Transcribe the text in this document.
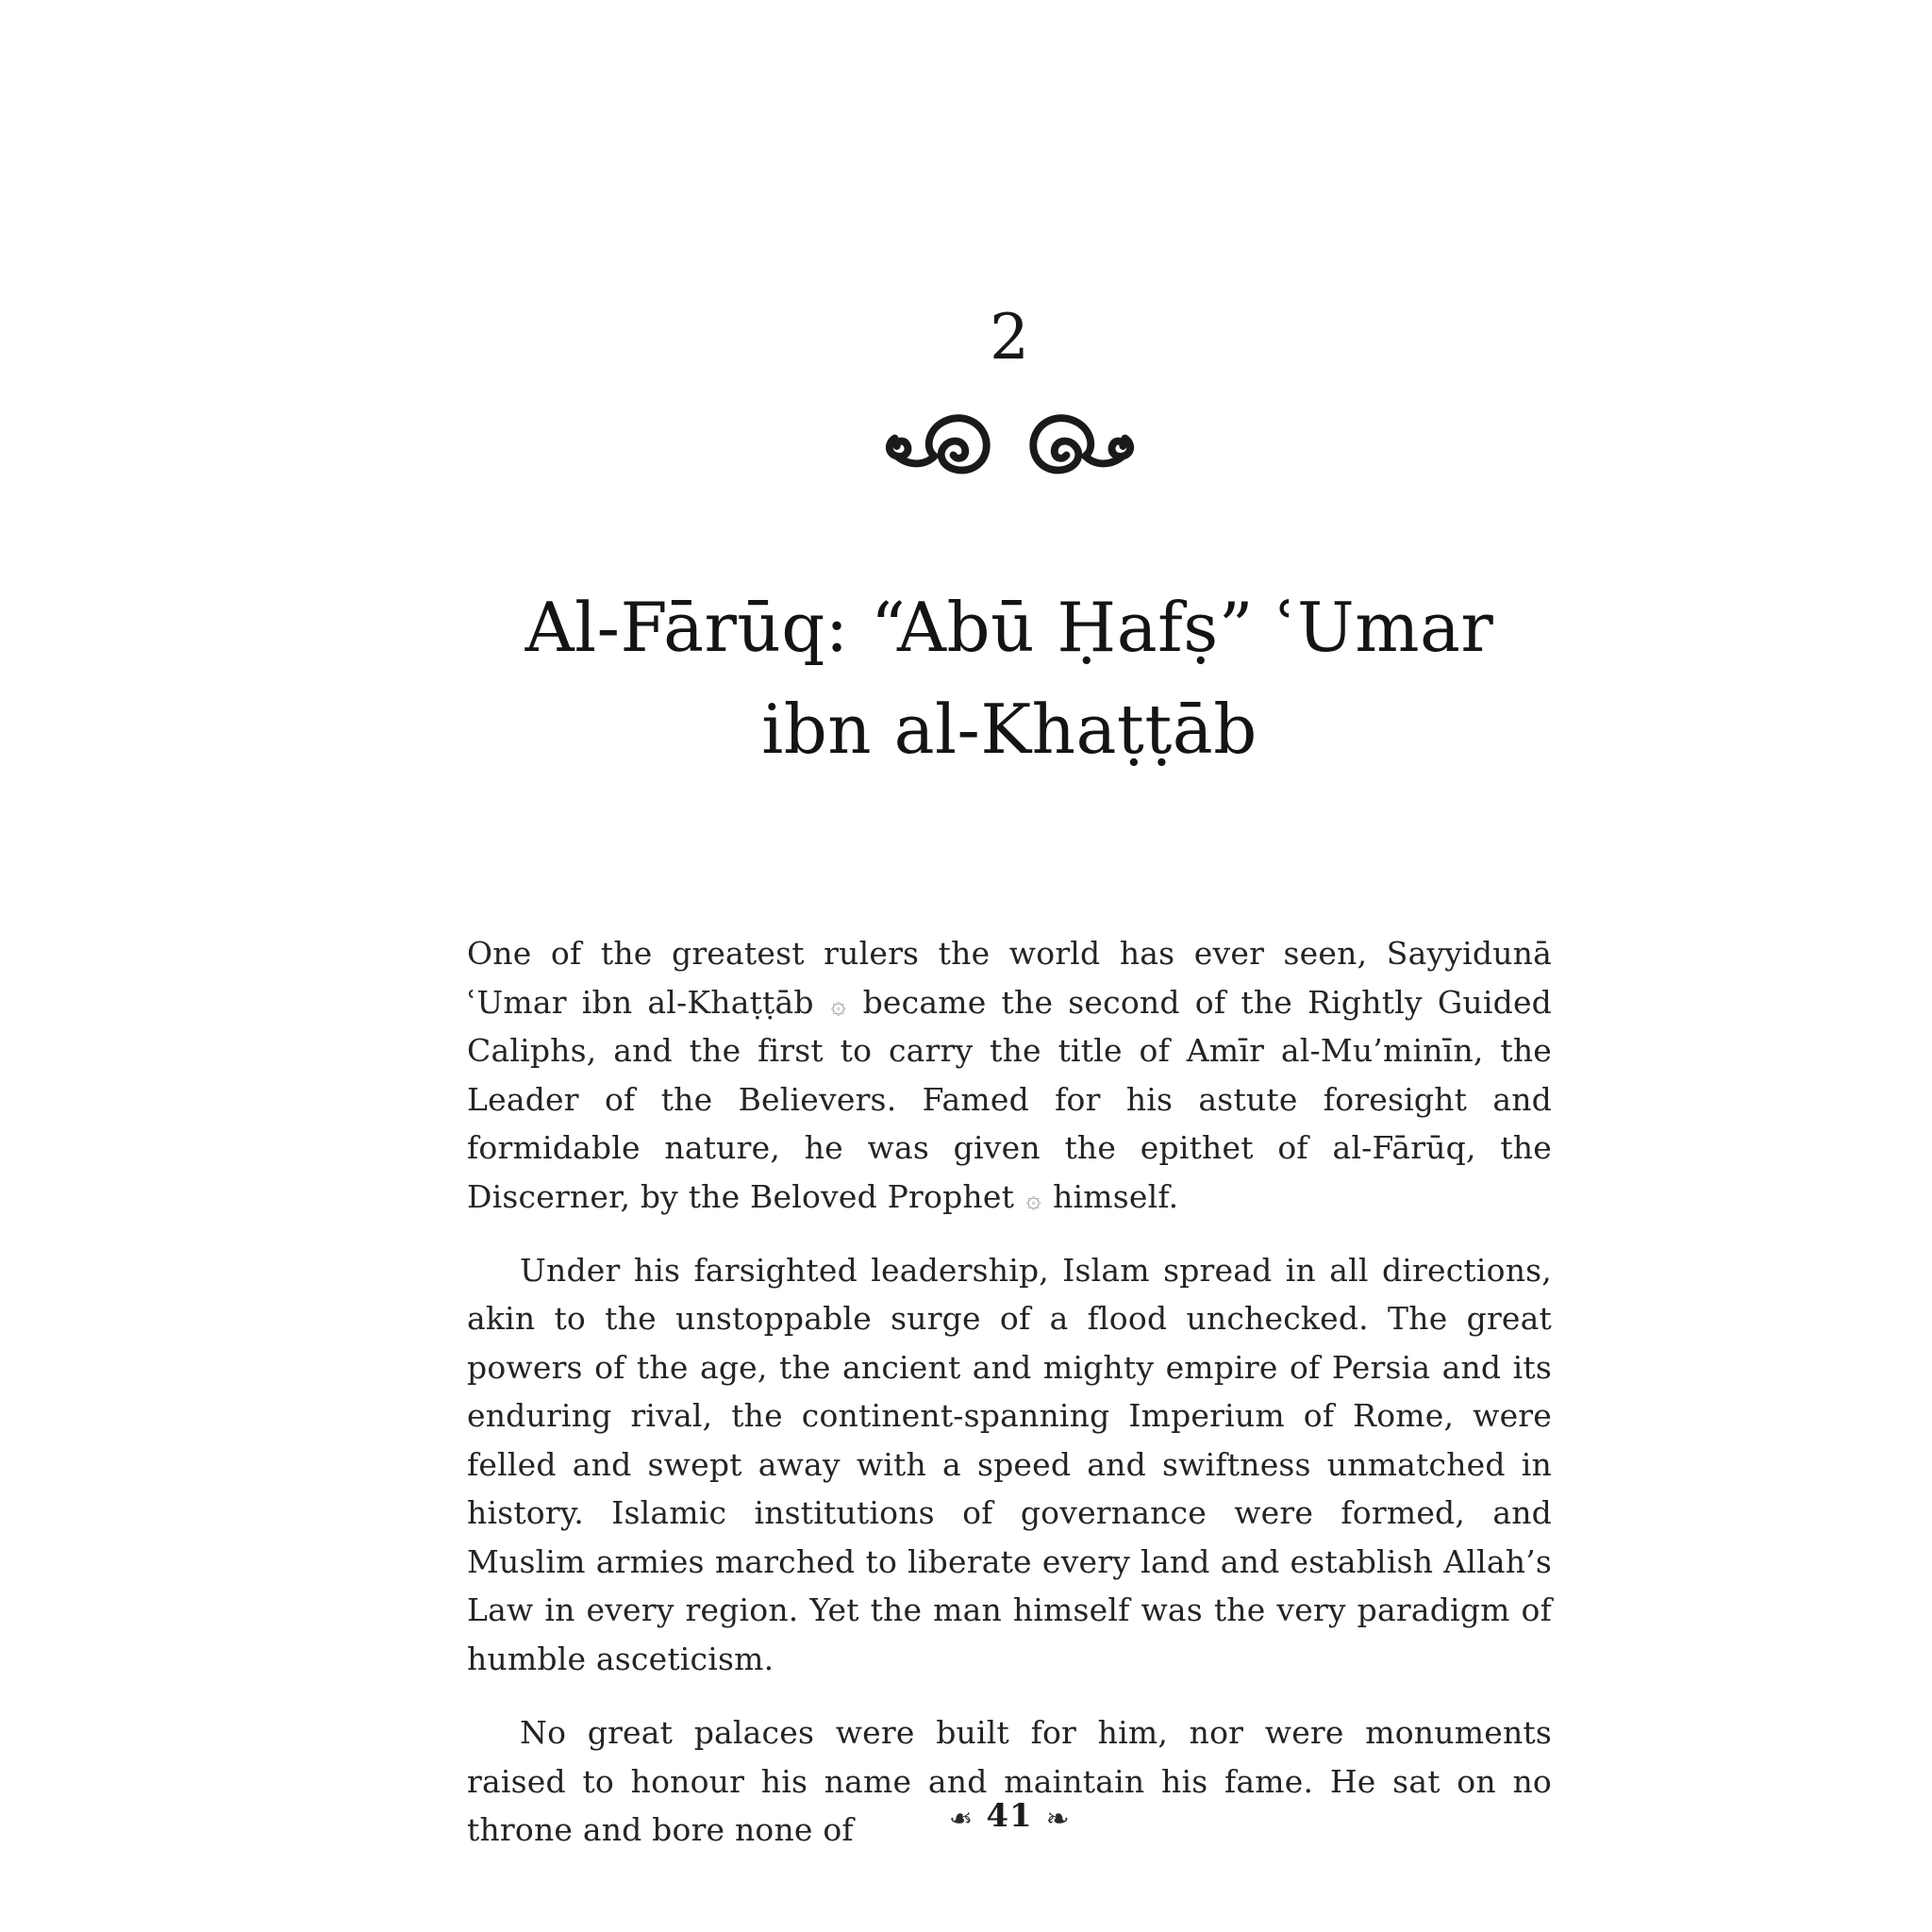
2
Al-Fārūq: “Abū Ḥafṣ” ʿUmar
ibn al-Khaṭṭāb

One of the greatest rulers the world has ever seen, Sayyidunā ʿUmar ibn al-Khaṭṭāb ۞ became the second of the Rightly Guided Caliphs, and the first to carry the title of Amīr al-Mu’minīn, the Leader of the Believers. Famed for his astute foresight and formidable nature, he was given the epithet of al-Fārūq, the Discerner, by the Beloved Prophet ۞ himself.

Under his farsighted leadership, Islam spread in all directions, akin to the unstoppable surge of a flood unchecked. The great powers of the age, the ancient and mighty empire of Persia and its enduring rival, the continent-spanning Imperium of Rome, were felled and swept away with a speed and swiftness unmatched in history. Islamic institutions of governance were formed, and Muslim armies marched to liberate every land and establish Allah’s Law in every region. Yet the man himself was the very paradigm of humble asceticism.

No great palaces were built for him, nor were monuments raised to honour his name and maintain his fame. He sat on no throne and bore none of	❧ 41 ❧
